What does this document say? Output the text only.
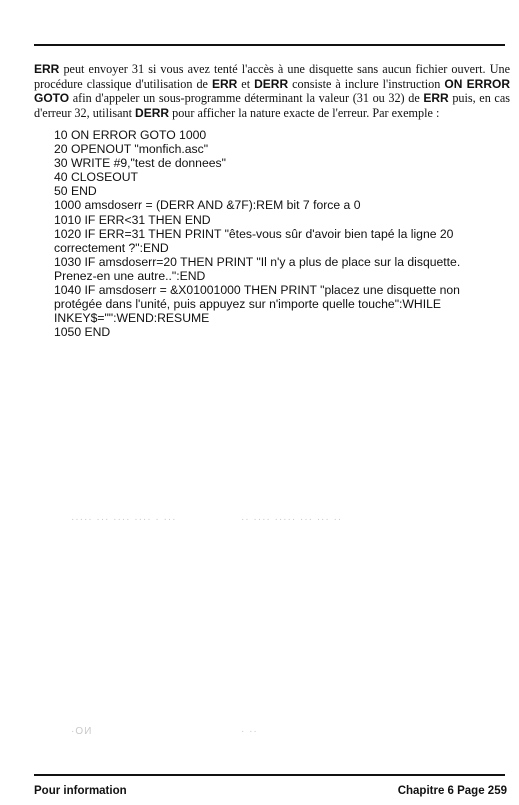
ERR peut envoyer 31 si vous avez tenté l'accès à une disquette sans aucun fichier ouvert. Une procédure classique d'utilisation de ERR et DERR consiste à inclure l'instruction ON ERROR GOTO afin d'appeler un sous-programme déterminant la valeur (31 ou 32) de ERR puis, en cas d'erreur 32, utilisant DERR pour afficher la nature exacte de l'erreur. Par exemple :

10 ON ERROR GOTO 1000
20 OPENOUT "monfich.asc"
30 WRITE #9,"test de donnees"
40 CLOSEOUT
50 END
1000 amsdoserr = (DERR AND &7F):REM bit 7 force a 0
1010 IF ERR<31 THEN END
1020 IF ERR=31 THEN PRINT "êtes-vous sûr d'avoir bien tapé la ligne 20 correctement ?":END
1030 IF amsdoserr=20 THEN PRINT "Il n'y a plus de place sur la disquette. Prenez-en une autre..":END
1040 IF amsdoserr = &X01001000 THEN PRINT "placez une disquette non protégée dans l'unité, puis appuyez sur n'importe quelle touche":WHILE INKEY$="":WEND:RESUME
1050 END
··· · ···· ···· ··· ·····	·· ··· ··· ····· ···· ··
NO·	·· ·
Pour information	Chapitre 6 Page 259
